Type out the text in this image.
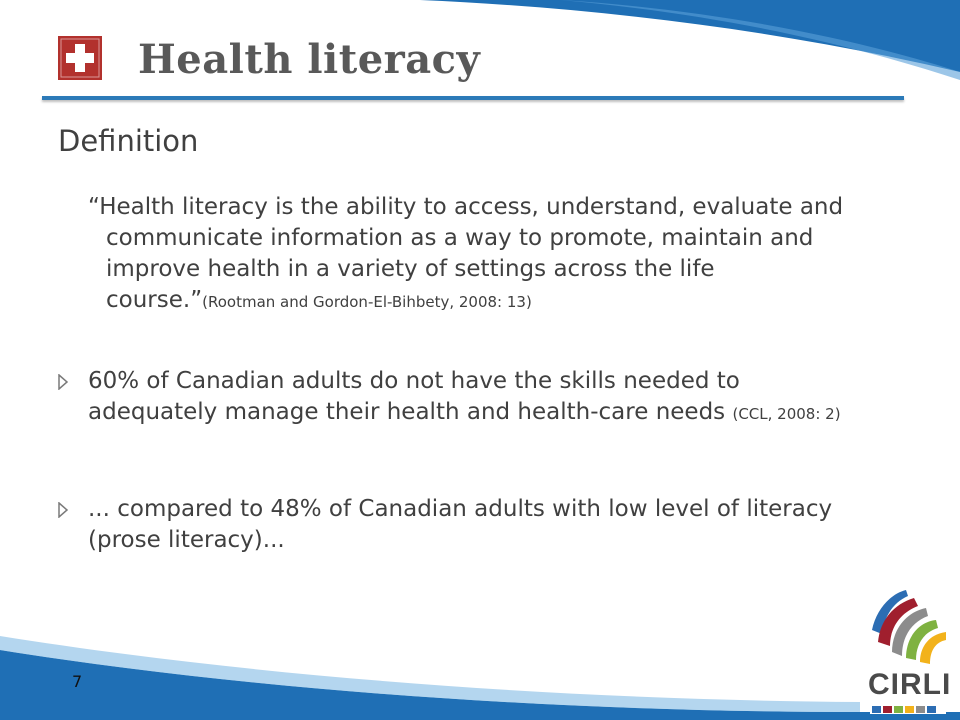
Health literacy
Definition
“Health literacy is the ability to access, understand, evaluate and communicate information as a way to promote, maintain and improve health in a variety of settings across the life course.”(Rootman and Gordon-El-Bihbety, 2008: 13)
60% of Canadian adults do not have the skills needed to adequately manage their health and health-care needs (CCL, 2008: 2)
... compared to 48% of Canadian adults with low level of literacy (prose literacy)...
7	CIRLI
